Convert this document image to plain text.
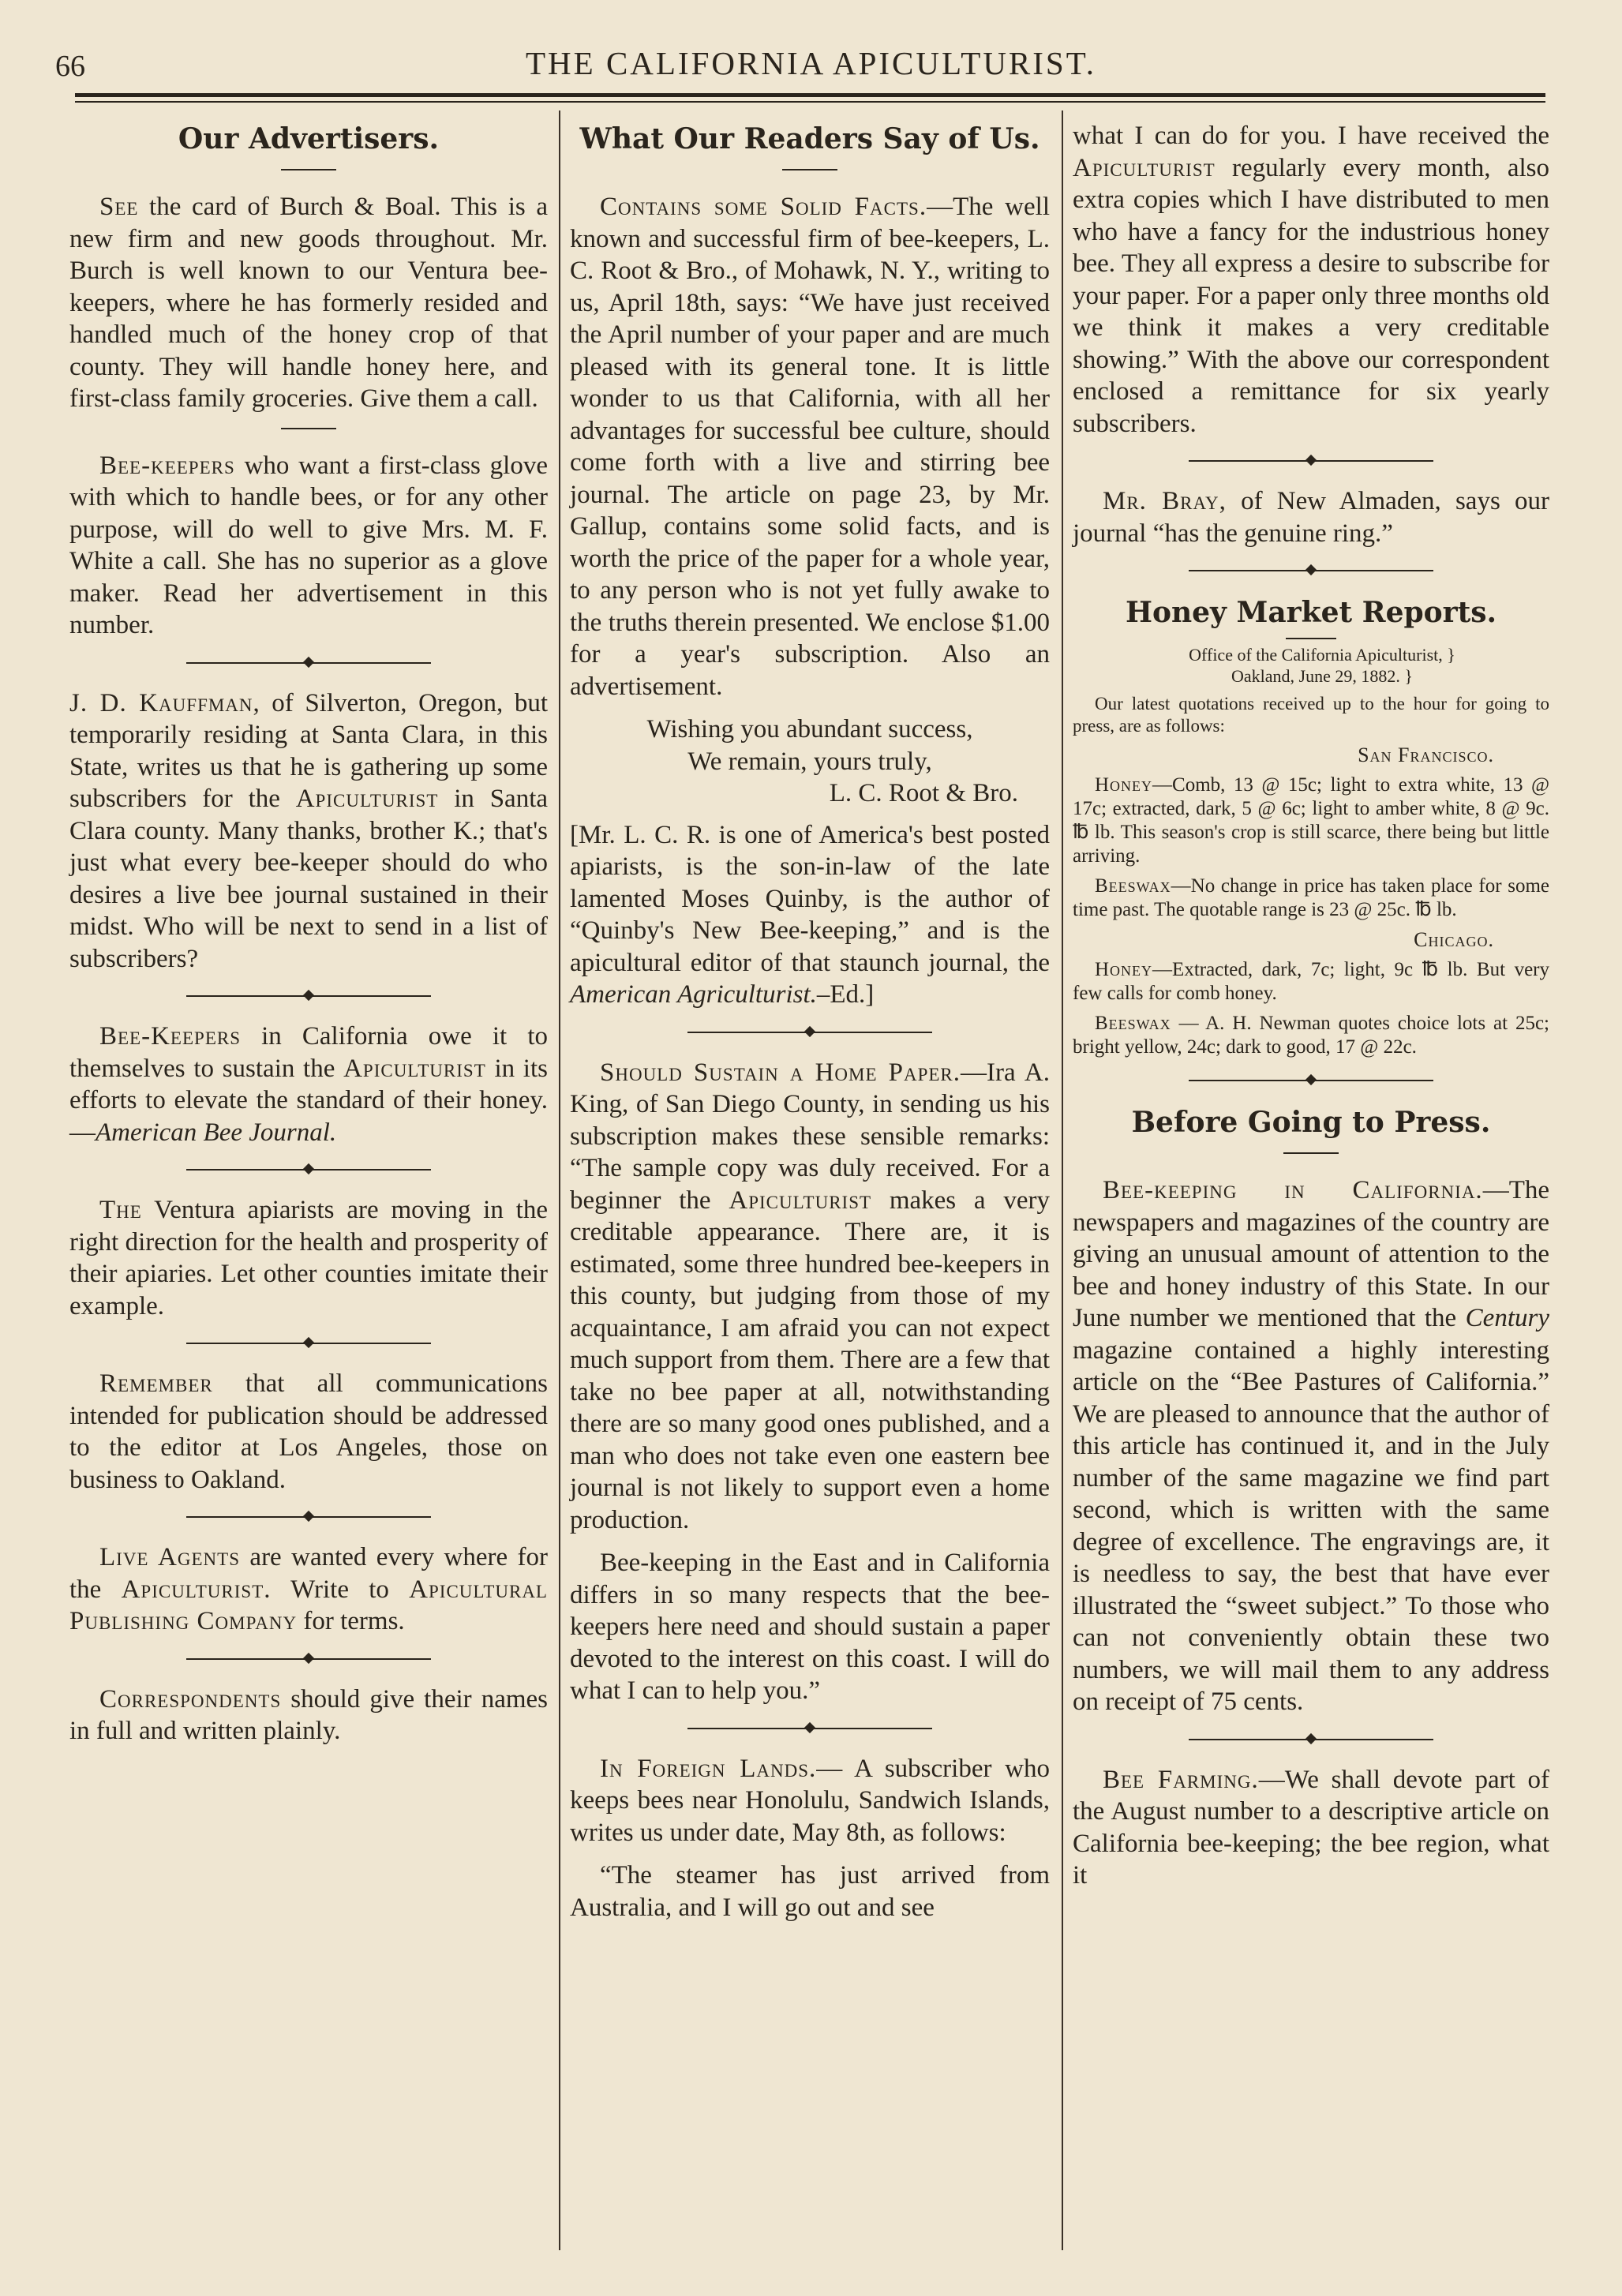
66	THE CALIFORNIA APICULTURIST.
Our Advertisers.

See the card of Burch & Boal. This is a new firm and new goods throughout. Mr. Burch is well known to our Ventura bee-keepers, where he has formerly resided and handled much of the honey crop of that county. They will handle honey here, and first-class family groceries. Give them a call.

Bee-keepers who want a first-class glove with which to handle bees, or for any other purpose, will do well to give Mrs. M. F. White a call. She has no superior as a glove maker. Read her advertisement in this number.

J. D. Kauffman, of Silverton, Oregon, but temporarily residing at Santa Clara, in this State, writes us that he is gathering up some subscribers for the Apiculturist in Santa Clara county. Many thanks, brother K.; that's just what every bee-keeper should do who desires a live bee journal sustained in their midst. Who will be next to send in a list of subscribers?

Bee-Keepers in California owe it to themselves to sustain the Apiculturist in its efforts to elevate the standard of their honey.—American Bee Journal.

The Ventura apiarists are moving in the right direction for the health and prosperity of their apiaries. Let other counties imitate their example.

Remember that all communications intended for publication should be addressed to the editor at Los Angeles, those on business to Oakland.

Live Agents are wanted every where for the Apiculturist. Write to Apicultural Publishing Company for terms.

Correspondents should give their names in full and written plainly.

What Our Readers Say of Us.

Contains some Solid Facts.—The well known and successful firm of bee-keepers, L. C. Root & Bro., of Mohawk, N. Y., writing to us, April 18th, says: “We have just received the April number of your paper and are much pleased with its general tone. It is little wonder to us that California, with all her advantages for successful bee culture, should come forth with a live and stirring bee journal. The article on page 23, by Mr. Gallup, contains some solid facts, and is worth the price of the paper for a whole year, to any person who is not yet fully awake to the truths therein presented. We enclose $1.00 for a year's subscription. Also an advertisement.

Wishing you abundant success,

We remain, yours truly,

L. C. Root & Bro.

[Mr. L. C. R. is one of America's best posted apiarists, is the son-in-law of the late lamented Moses Quinby, is the author of “Quinby's New Bee-keeping,” and is the apicultural editor of that staunch journal, the American Agriculturist.–Ed.]

Should Sustain a Home Paper.—Ira A. King, of San Diego County, in sending us his subscription makes these sensible remarks: “The sample copy was duly received. For a beginner the Apiculturist makes a very creditable appearance. There are, it is estimated, some three hundred bee-keepers in this county, but judging from those of my acquaintance, I am afraid you can not expect much support from them. There are a few that take no bee paper at all, notwithstanding there are so many good ones published, and a man who does not take even one eastern bee journal is not likely to support even a home production.

Bee-keeping in the East and in California differs in so many respects that the bee-keepers here need and should sustain a paper devoted to the interest on this coast. I will do what I can to help you.”

In Foreign Lands.— A subscriber who keeps bees near Honolulu, Sandwich Islands, writes us under date, May 8th, as follows:

“The steamer has just arrived from Australia, and I will go out and see

what I can do for you. I have received the Apiculturist regularly every month, also extra copies which I have distributed to men who have a fancy for the industrious honey bee. They all express a desire to subscribe for your paper. For a paper only three months old we think it makes a very creditable showing.” With the above our correspondent enclosed a remittance for six yearly subscribers.

Mr. Bray, of New Almaden, says our journal “has the genuine ring.”

Honey Market Reports.

Office of the California Apiculturist, }

Oakland, June 29, 1882. }

Our latest quotations received up to the hour for going to press, are as follows:

San Francisco.

Honey—Comb, 13 @ 15c; light to extra white, 13 @ 17c; extracted, dark, 5 @ 6c; light to amber white, 8 @ 9c. ℔ lb. This season's crop is still scarce, there being but little arriving.

Beeswax—No change in price has taken place for some time past. The quotable range is 23 @ 25c. ℔ lb.

Chicago.

Honey—Extracted, dark, 7c; light, 9c ℔ lb. But very few calls for comb honey.

Beeswax — A. H. Newman quotes choice lots at 25c; bright yellow, 24c; dark to good, 17 @ 22c.

Before Going to Press.

Bee-keeping in California.—The newspapers and magazines of the country are giving an unusual amount of attention to the bee and honey industry of this State. In our June number we mentioned that the Century magazine contained a highly interesting article on the “Bee Pastures of California.” We are pleased to announce that the author of this article has continued it, and in the July number of the same magazine we find part second, which is written with the same degree of excellence. The engravings are, it is needless to say, the best that have ever illustrated the “sweet subject.” To those who can not conveniently obtain these two numbers, we will mail them to any address on receipt of 75 cents.

Bee Farming.—We shall devote part of the August number to a descriptive article on California bee-keeping; the bee region, what it
